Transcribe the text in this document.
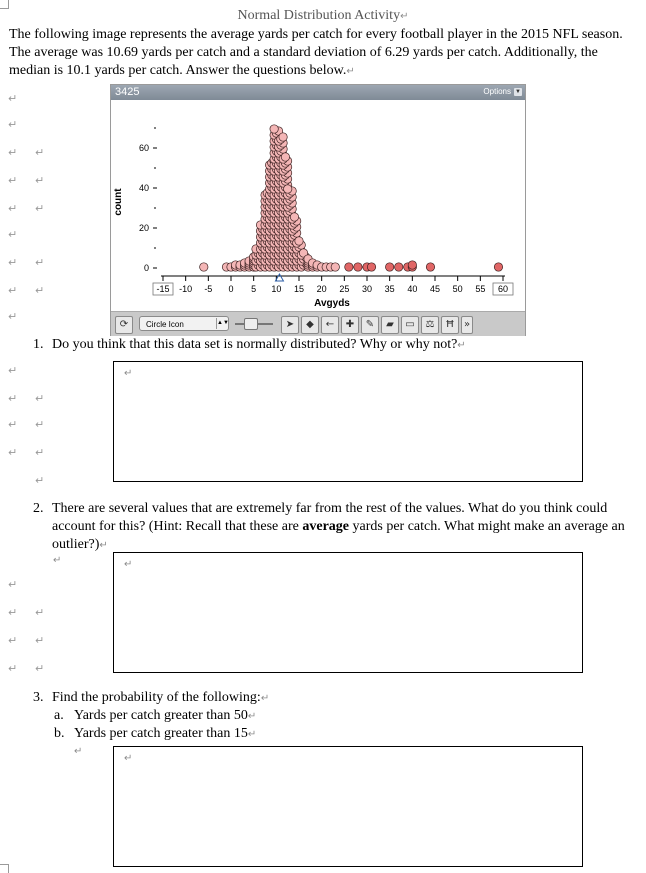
Normal Distribution Activity↵
The following image represents the average yards per catch for every football player in the 2015 NFL season. The average was 10.69 yards per catch and a standard deviation of 6.29 yards per catch. Additionally, the median is 10.1 yards per catch. Answer the questions below.↵
↵
↵
↵ ↵
↵ ↵
↵ ↵
↵
↵ ↵
↵ ↵
↵
↵
↵ ↵
↵ ↵
↵ ↵
↵
↵
↵ ↵
↵ ↵
↵ ↵
3425	Options ▼
count
Avgyds
0
20
40
60
-15 -10 -5 0 5 10 15 20 25 30 35 40 45 50 55 60
⟳	Circle Icon	▲▼	➤	◆	←	✚	✎	▰	▭	⚖	Ħ »
1. Do you think that this data set is normally distributed? Why or why not?↵
↵
2. There are several values that are extremely far from the rest of the values. What do you think could account for this? (Hint: Recall that these are average yards per catch. What might make an average an outlier?)↵
↵	↵
3. Find the probability of the following:↵
a. Yards per catch greater than 50↵
b. Yards per catch greater than 15↵
↵
↵
